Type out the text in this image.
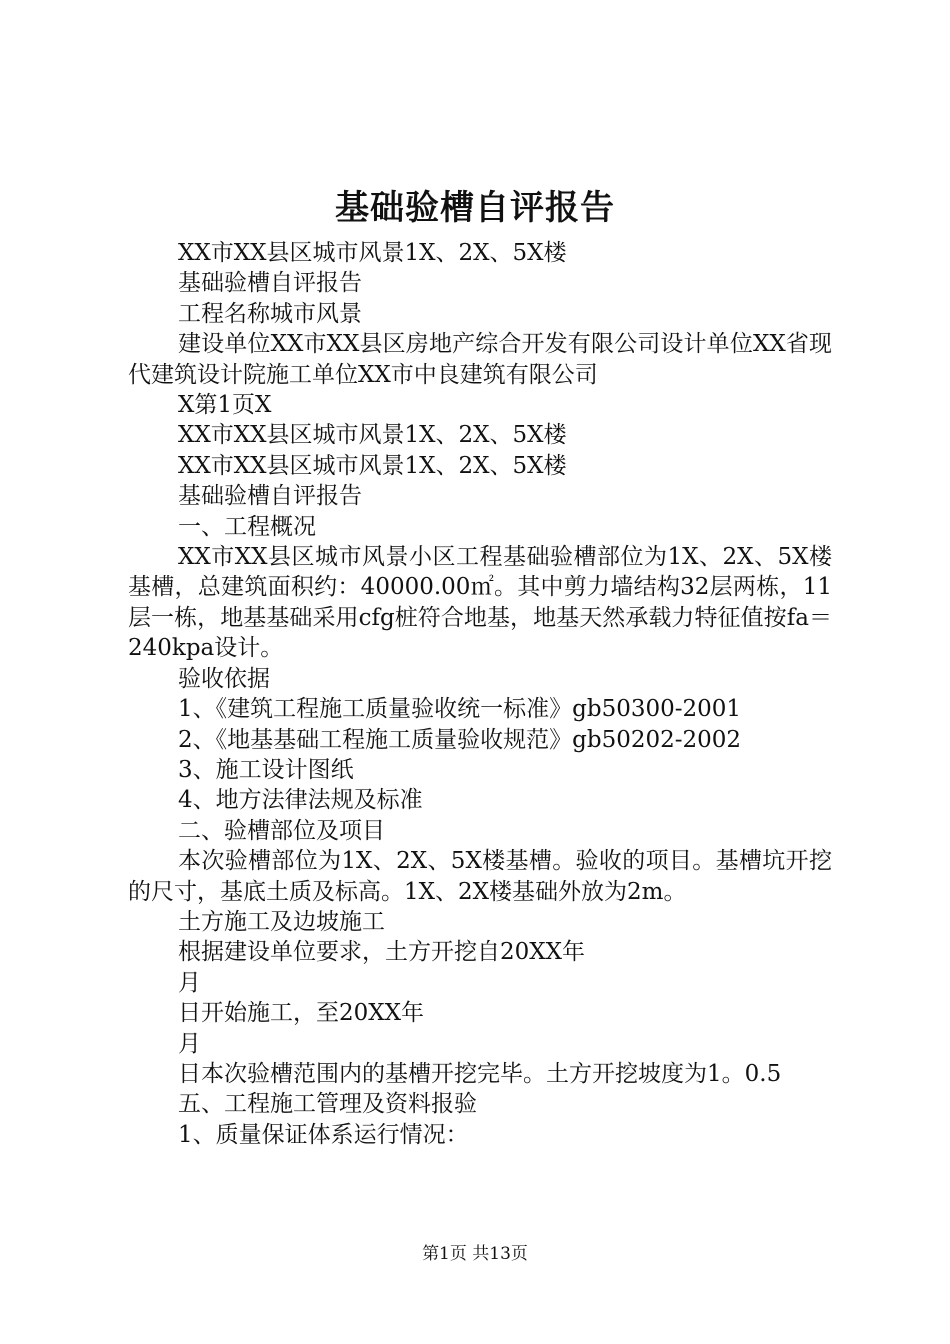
基础验槽自评报告

XX市XX县区城市风景1X、2X、5X楼

基础验槽自评报告

工程名称城市风景

建设单位XX市XX县区房地产综合开发有限公司设计单位XX省现代建筑设计院施工单位XX市中良建筑有限公司

X第1页X

XX市XX县区城市风景1X、2X、5X楼

XX市XX县区城市风景1X、2X、5X楼

基础验槽自评报告

一、工程概况

XX市XX县区城市风景小区工程基础验槽部位为1X、2X、5X楼基槽，总建筑面积约：40000.00㎡。其中剪力墙结构32层两栋，11层一栋，地基基础采用cfg桩符合地基，地基天然承载力特征值按fa＝240kpa设计。

验收依据

1、《建筑工程施工质量验收统一标准》gb50300-2001

2、《地基基础工程施工质量验收规范》gb50202-2002

3、施工设计图纸

4、地方法律法规及标准

二、验槽部位及项目

本次验槽部位为1X、2X、5X楼基槽。验收的项目。基槽坑开挖的尺寸，基底土质及标高。1X、2X楼基础外放为2m。

土方施工及边坡施工

根据建设单位要求，土方开挖自20XX年

月

日开始施工，至20XX年

月

日本次验槽范围内的基槽开挖完毕。土方开挖坡度为1。0.5

五、工程施工管理及资料报验

1、质量保证体系运行情况：

第1页 共13页
